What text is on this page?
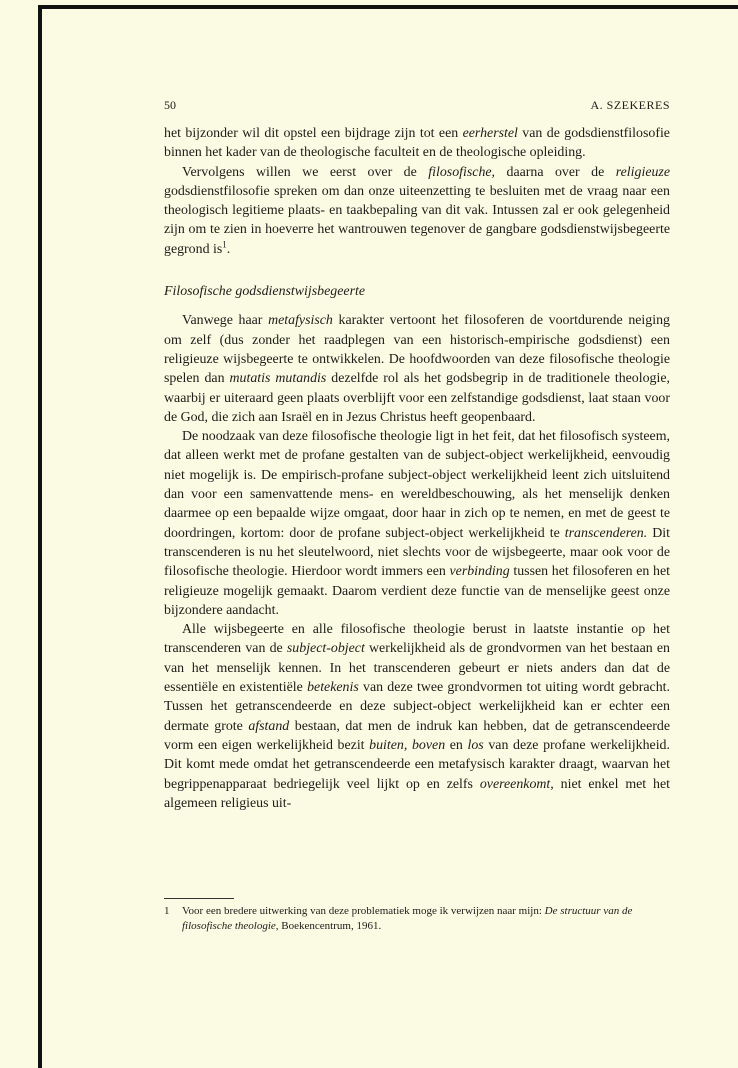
50	A. SZEKERES

het bijzonder wil dit opstel een bijdrage zijn tot een eerherstel van de godsdienstfilosofie binnen het kader van de theologische faculteit en de theologische opleiding.

Vervolgens willen we eerst over de filosofische, daarna over de religieuze godsdienstfilosofie spreken om dan onze uiteenzetting te besluiten met de vraag naar een theologisch legitieme plaats- en taakbepaling van dit vak. Intussen zal er ook gelegenheid zijn om te zien in hoeverre het wantrouwen tegenover de gangbare godsdienstwijsbegeerte gegrond $is^1$.

Filosofische godsdienstwijsbegeerte

Vanwege haar metafysisch karakter vertoont het filosoferen de voortdurende neiging om zelf (dus zonder het raadplegen van een historisch-empirische godsdienst) een religieuze wijsbegeerte te ontwikkelen. De hoofdwoorden van deze filosofische theologie spelen dan mutatis mutandis dezelfde rol als het godsbegrip in de traditionele theologie, waarbij er uiteraard geen plaats overblijft voor een zelfstandige godsdienst, laat staan voor de God, die zich aan Israël en in Jezus Christus heeft geopenbaard.

De noodzaak van deze filosofische theologie ligt in het feit, dat het filosofisch systeem, dat alleen werkt met de profane gestalten van de subject-object werkelijkheid, eenvoudig niet mogelijk is. De empirisch-profane subject-object werkelijkheid leent zich uitsluitend dan voor een samenvattende mens- en wereldbeschouwing, als het menselijk denken daarmee op een bepaalde wijze omgaat, door haar in zich op te nemen, en met de geest te doordringen, kortom: door de profane subject-object werkelijkheid te transcenderen. Dit transcenderen is nu het sleutelwoord, niet slechts voor de wijsbegeerte, maar ook voor de filosofische theologie. Hierdoor wordt immers een verbinding tussen het filosoferen en het religieuze mogelijk gemaakt. Daarom verdient deze functie van de menselijke geest onze bijzondere aandacht.

Alle wijsbegeerte en alle filosofische theologie berust in laatste instantie op het transcenderen van de subject-object werkelijkheid als de grondvormen van het bestaan en van het menselijk kennen. In het transcenderen gebeurt er niets anders dan dat de essentiële en existentiële betekenis van deze twee grondvormen tot uiting wordt gebracht. Tussen het getranscendeerde en deze subject-object werkelijkheid kan er echter een dermate grote afstand bestaan, dat men de indruk kan hebben, dat de getranscendeerde vorm een eigen werkelijkheid bezit buiten, boven en los van deze profane werkelijkheid. Dit komt mede omdat het getranscendeerde een metafysisch karakter draagt, waarvan het begrippenapparaat bedriegelijk veel lijkt op en zelfs overeenkomt, niet enkel met het algemeen religieus uit-

1 Voor een bredere uitwerking van deze problematiek moge ik verwijzen naar mijn: De structuur van de filosofische theologie, Boekencentrum, 1961.
